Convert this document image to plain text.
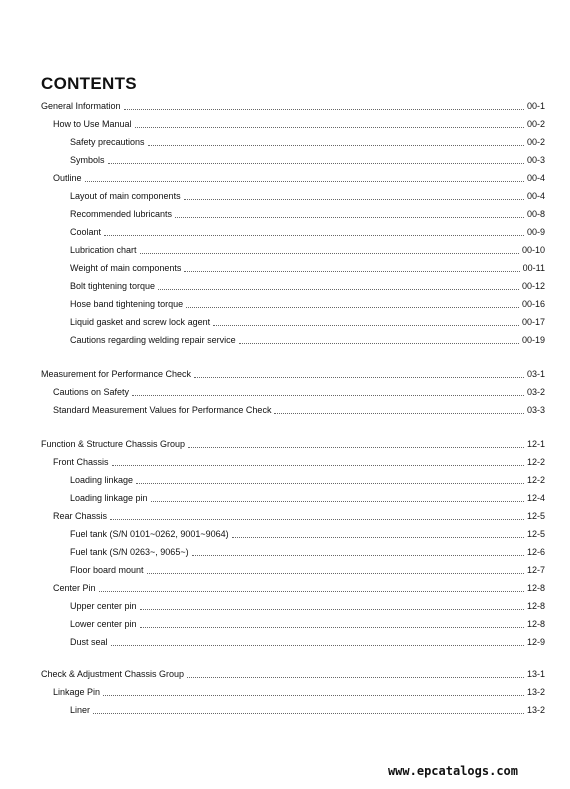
CONTENTS
General Information	00-1
How to Use Manual	00-2
Safety precautions	00-2
Symbols	00-3
Outline	00-4
Layout of main components	00-4
Recommended lubricants	00-8
Coolant	00-9
Lubrication chart	00-10
Weight of main components	00-11
Bolt tightening torque	00-12
Hose band tightening torque	00-16
Liquid gasket and screw lock agent	00-17
Cautions regarding welding repair service	00-19
Measurement for Performance Check	03-1
Cautions on Safety	03-2
Standard Measurement Values for Performance Check	03-3
Function & Structure Chassis Group	12-1
Front Chassis	12-2
Loading linkage	12-2
Loading linkage pin	12-4
Rear Chassis	12-5
Fuel tank (S/N 0101~0262, 9001~9064)	12-5
Fuel tank (S/N 0263~, 9065~)	12-6
Floor board mount	12-7
Center Pin	12-8
Upper center pin	12-8
Lower center pin	12-8
Dust seal	12-9
Check & Adjustment Chassis Group	13-1
Linkage Pin	13-2
Liner	13-2
www.epcatalogs.com
